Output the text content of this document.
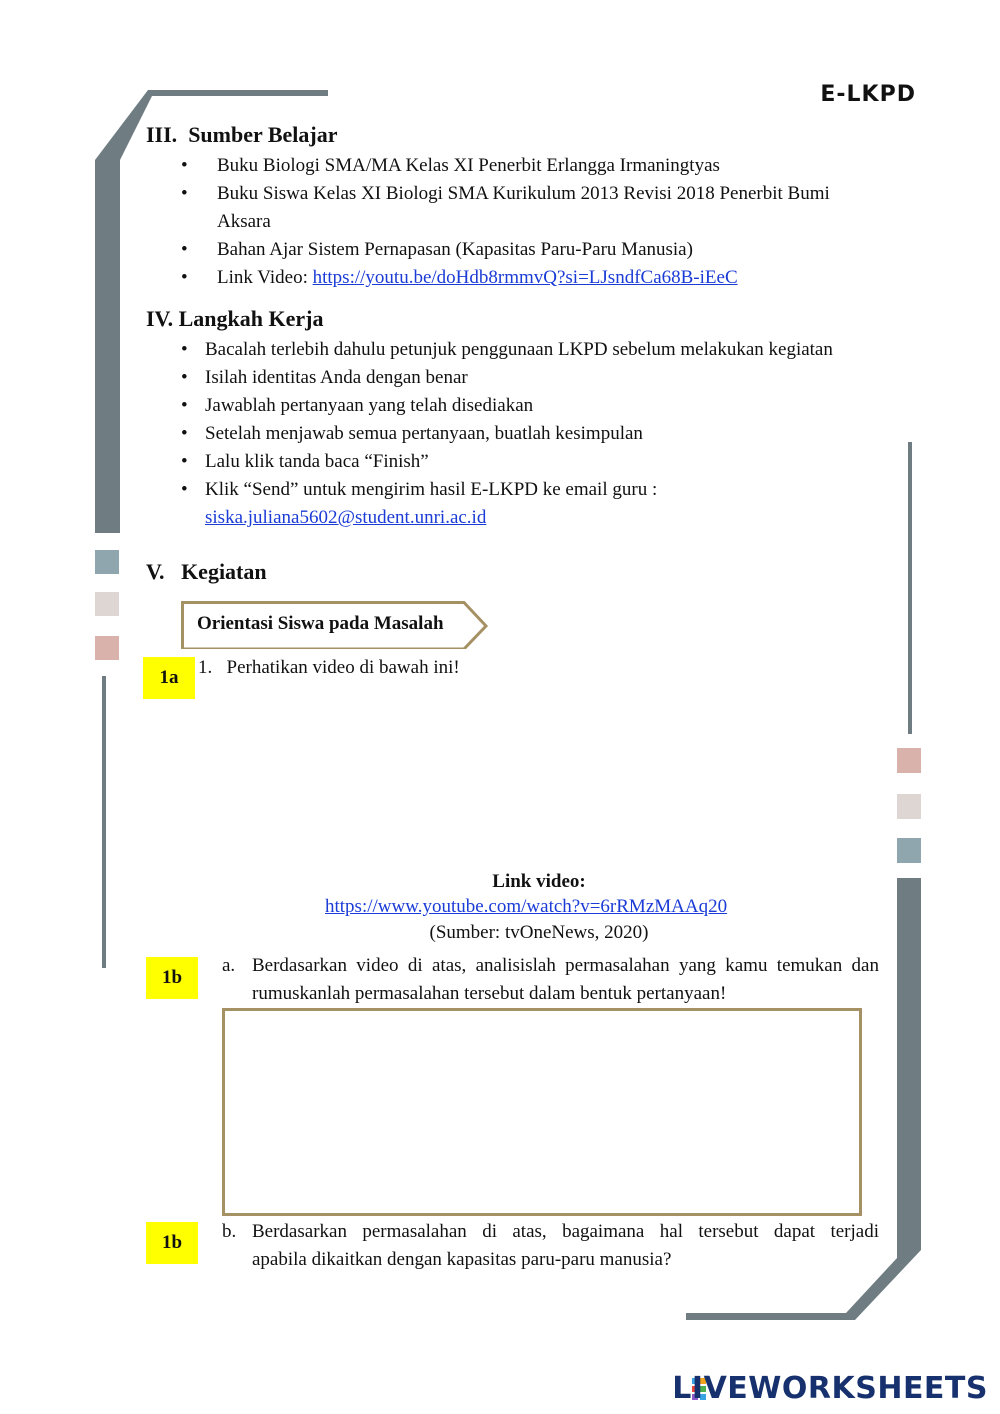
E-LKPD
III. Sumber Belajar
• Buku Biologi SMA/MA Kelas XI Penerbit Erlangga Irmaningtyas
• Buku Siswa Kelas XI Biologi SMA Kurikulum 2013 Revisi 2018 Penerbit Bumi
Aksara
• Bahan Ajar Sistem Pernapasan (Kapasitas Paru-Paru Manusia)
• Link Video: https://youtu.be/doHdb8rmmvQ?si=LJsndfCa68B-iEeC
IV. Langkah Kerja
• Bacalah terlebih dahulu petunjuk penggunaan LKPD sebelum melakukan kegiatan
• Isilah identitas Anda dengan benar
• Jawablah pertanyaan yang telah disediakan
• Setelah menjawab semua pertanyaan, buatlah kesimpulan
• Lalu klik tanda baca “Finish”
• Klik “Send” untuk mengirim hasil E-LKPD ke email guru :
siska.juliana5602@student.unri.ac.id
V. Kegiatan
Orientasi Siswa pada Masalah
1a	1. Perhatikan video di bawah ini!
Link video:
https://www.youtube.com/watch?v=6rRMzMAAq20
(Sumber: tvOneNews, 2020)
1b
a. Berdasarkan video di atas, analisislah permasalahan yang kamu temukan dan
rumuskanlah permasalahan tersebut dalam bentuk pertanyaan!
1b
b. Berdasarkan permasalahan di atas, bagaimana hal tersebut dapat terjadi
apabila dikaitkan dengan kapasitas paru-paru manusia?
LIVEWORKSHEETS
